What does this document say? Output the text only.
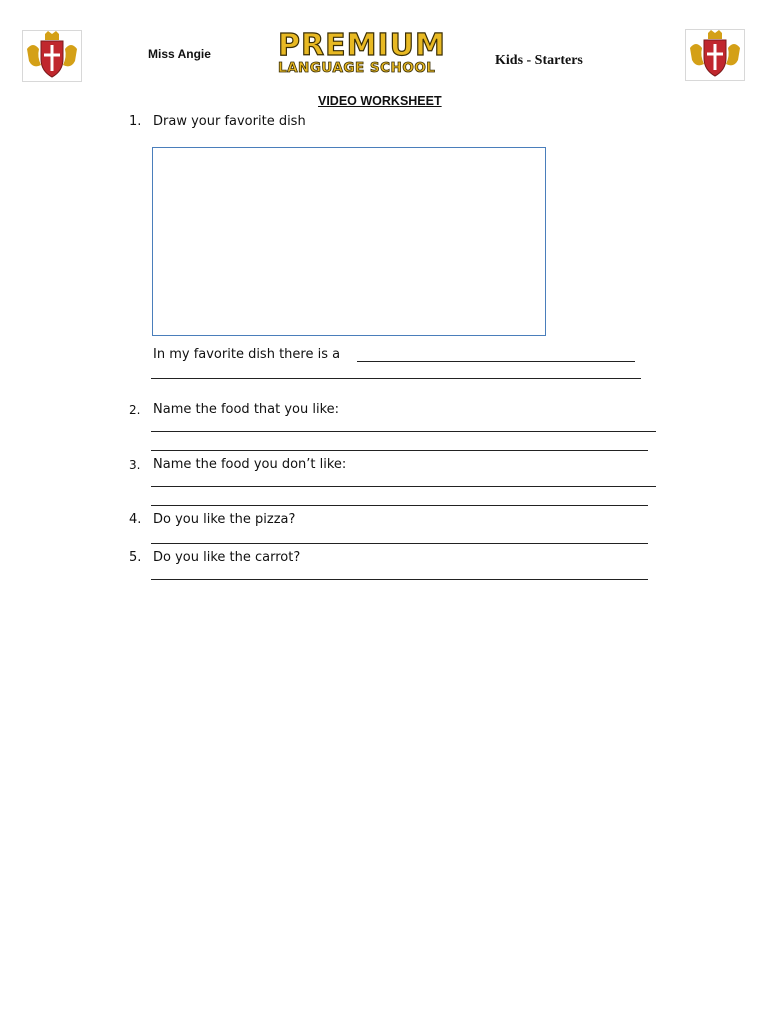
Miss Angie PREMIUM
LANGUAGE SCHOOL	Kids - Starters
VIDEO WORKSHEET
1. Draw your favorite dish
In my favorite dish there is a
2. Name the food that you like:
3. Name the food you don’t like:
4. Do you like the pizza?
5. Do you like the carrot?
